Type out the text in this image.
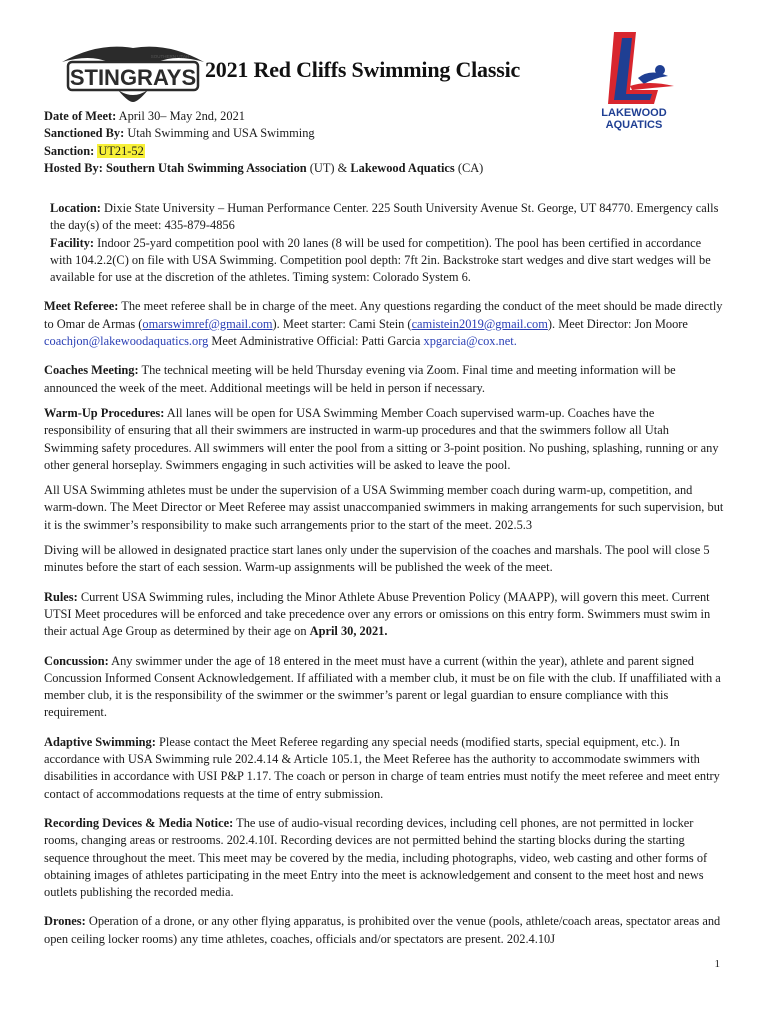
STINGRAYS
SOUTHERN UTAH
LAKEWOOD
AQUATICS
2021 Red Cliffs Swimming Classic
Date of Meet: April 30– May 2nd, 2021
Sanctioned By: Utah Swimming and USA Swimming
Sanction: UT21-52
Hosted By: Southern Utah Swimming Association (UT) & Lakewood Aquatics (CA)

Location: Dixie State University – Human Performance Center. 225 South University Avenue St. George, UT 84770. Emergency calls the day(s) of the meet: 435-879-4856
Facility: Indoor 25-yard competition pool with 20 lanes (8 will be used for competition). The pool has been certified in accordance with 104.2.2(C) on file with USA Swimming. Competition pool depth: 7ft 2in. Backstroke start wedges and dive start wedges will be available for use at the discretion of the athletes. Timing system: Colorado System 6.

Meet Referee: The meet referee shall be in charge of the meet. Any questions regarding the conduct of the meet should be made directly to Omar de Armas (omarswimref@gmail.com). Meet starter: Cami Stein (camistein2019@gmail.com). Meet Director: Jon Moore coachjon@lakewoodaquatics.org Meet Administrative Official: Patti Garcia xpgarcia@cox.net.

Coaches Meeting: The technical meeting will be held Thursday evening via Zoom. Final time and meeting information will be announced the week of the meet. Additional meetings will be held in person if necessary.

Warm-Up Procedures: All lanes will be open for USA Swimming Member Coach supervised warm-up. Coaches have the responsibility of ensuring that all their swimmers are instructed in warm-up procedures and that the swimmers follow all Utah Swimming safety procedures. All swimmers will enter the pool from a sitting or 3-point position. No pushing, splashing, running or any other general horseplay. Swimmers engaging in such activities will be asked to leave the pool.

All USA Swimming athletes must be under the supervision of a USA Swimming member coach during warm-up, competition, and warm-down. The Meet Director or Meet Referee may assist unaccompanied swimmers in making arrangements for such supervision, but it is the swimmer’s responsibility to make such arrangements prior to the start of the meet. 202.5.3

Diving will be allowed in designated practice start lanes only under the supervision of the coaches and marshals. The pool will close 5 minutes before the start of each session. Warm-up assignments will be published the week of the meet.

Rules: Current USA Swimming rules, including the Minor Athlete Abuse Prevention Policy (MAAPP), will govern this meet. Current UTSI Meet procedures will be enforced and take precedence over any errors or omissions on this entry form. Swimmers must swim in their actual Age Group as determined by their age on April 30, 2021.

Concussion: Any swimmer under the age of 18 entered in the meet must have a current (within the year), athlete and parent signed Concussion Informed Consent Acknowledgement. If affiliated with a member club, it must be on file with the club. If unaffiliated with a member club, it is the responsibility of the swimmer or the swimmer’s parent or legal guardian to ensure compliance with this requirement.

Adaptive Swimming: Please contact the Meet Referee regarding any special needs (modified starts, special equipment, etc.). In accordance with USA Swimming rule 202.4.14 & Article 105.1, the Meet Referee has the authority to accommodate swimmers with disabilities in accordance with USI P&P 1.17. The coach or person in charge of team entries must notify the meet referee and meet entry contact of accommodations requests at the time of entry submission.

Recording Devices & Media Notice: The use of audio-visual recording devices, including cell phones, are not permitted in locker rooms, changing areas or restrooms. 202.4.10I. Recording devices are not permitted behind the starting blocks during the starting sequence throughout the meet. This meet may be covered by the media, including photographs, video, web casting and other forms of obtaining images of athletes participating in the meet Entry into the meet is acknowledgement and consent to the meet host and news outlets publishing the recorded media.

Drones: Operation of a drone, or any other flying apparatus, is prohibited over the venue (pools, athlete/coach areas, spectator areas and open ceiling locker rooms) any time athletes, coaches, officials and/or spectators are present. 202.4.10J

1
